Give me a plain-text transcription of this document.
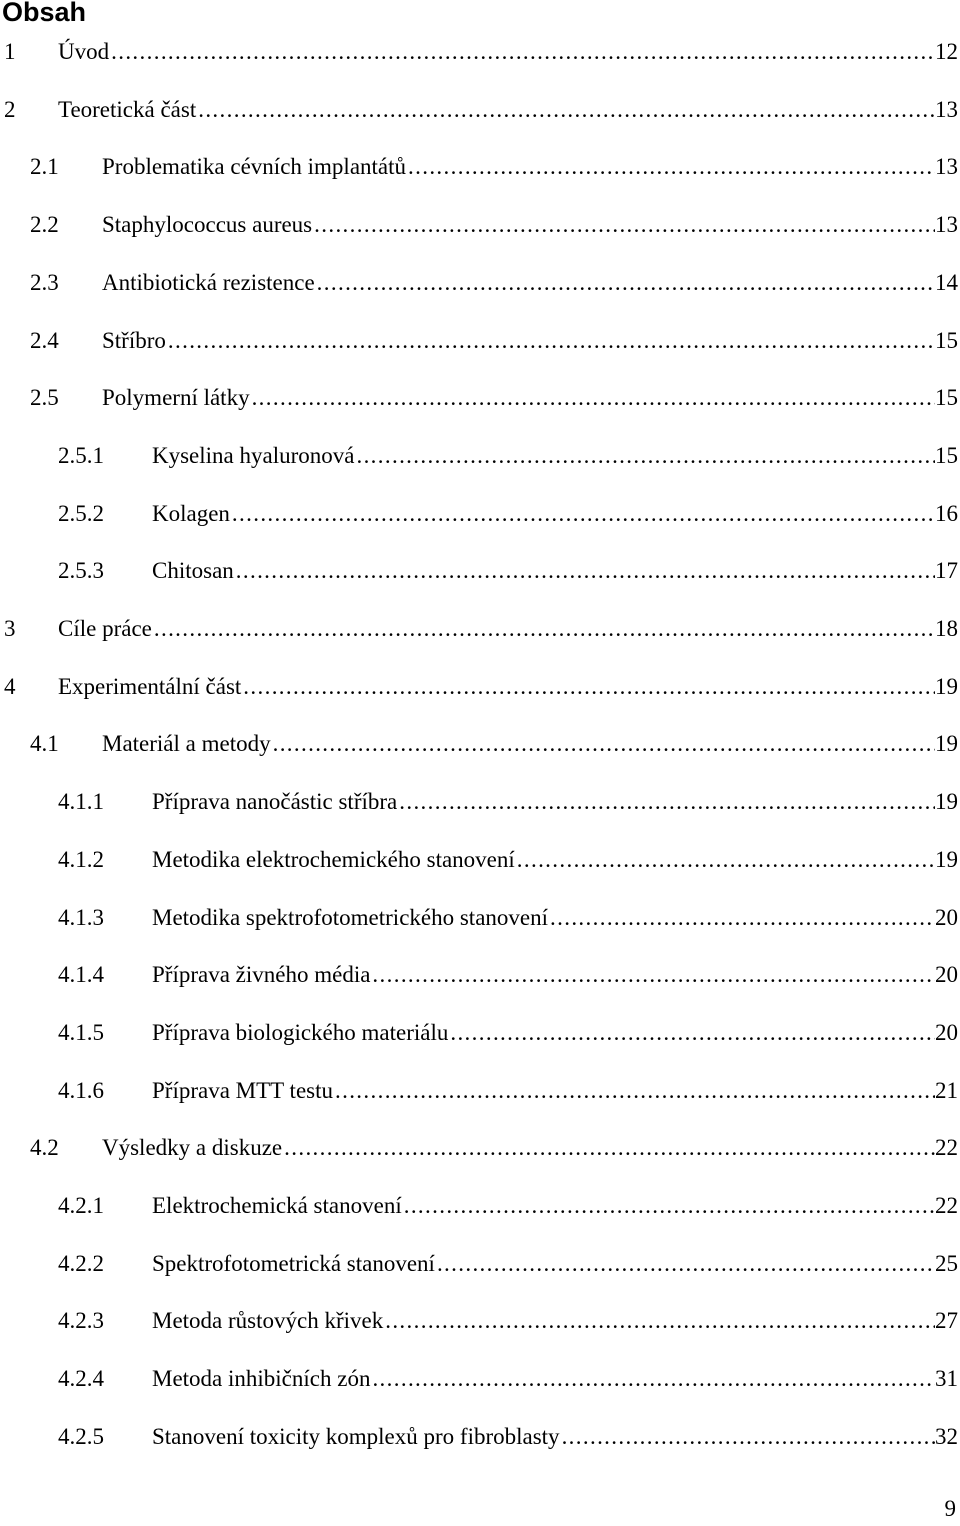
Obsah
1	Úvod . . .	12
2	Teoretická část . . .	13
2.1	Problematika cévních implantátů . . .	13
2.2	Staphylococcus aureus . . .	13
2.3	Antibiotická rezistence . . .	14
2.4	Stříbro . . .	15
2.5	Polymerní látky . . .	15
2.5.1	Kyselina hyaluronová . . .	15
2.5.2	Kolagen . . .	16
2.5.3	Chitosan . . .	17
3	Cíle práce . . .	18
4	Experimentální část . . .	19
4.1	Materiál a metody . . .	19
4.1.1	Příprava nanočástic stříbra . . .	19
4.1.2	Metodika elektrochemického stanovení . . .	19
4.1.3	Metodika spektrofotometrického stanovení . . .	20
4.1.4	Příprava živného média . . .	20
4.1.5	Příprava biologického materiálu . . .	20
4.1.6	Příprava MTT testu . . .	21
4.2	Výsledky a diskuze . . .	22
4.2.1	Elektrochemická stanovení . . .	22
4.2.2	Spektrofotometrická stanovení . . .	25
4.2.3	Metoda růstových křivek . . .	27
4.2.4	Metoda inhibičních zón . . .	31
4.2.5	Stanovení toxicity komplexů pro fibroblasty . . .	32
9
